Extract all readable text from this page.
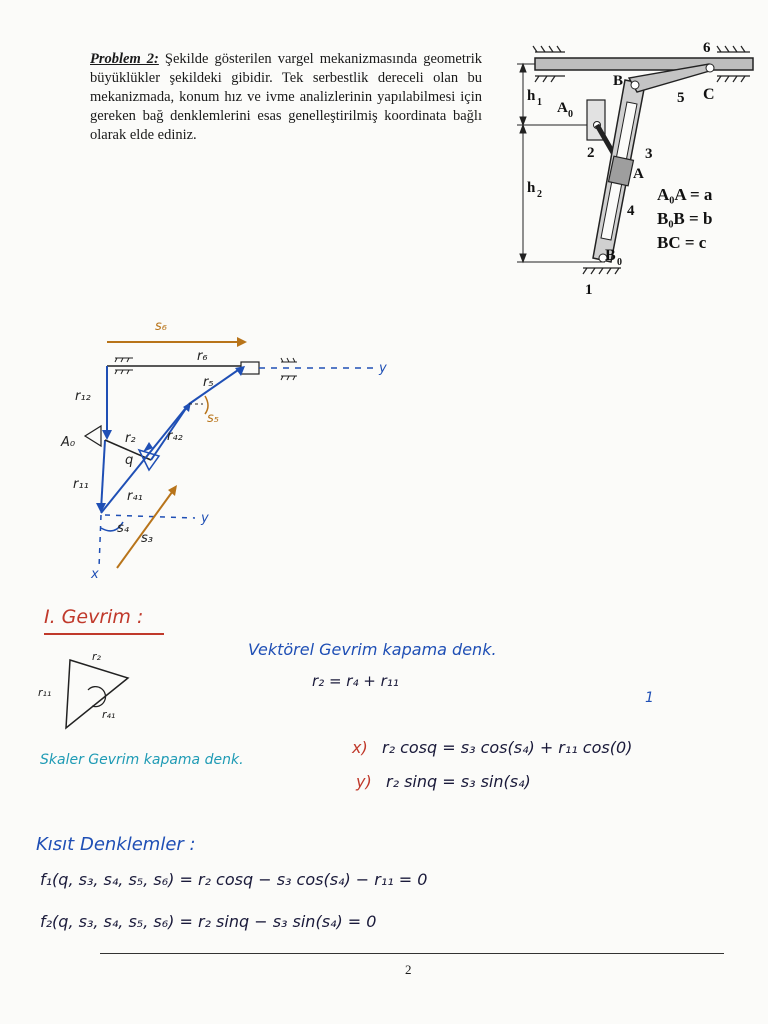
Problem 2: Şekilde gösterilen vargel mekanizmasında geometrik büyüklükler şekildeki gibidir. Tek serbestlik dereceli olan bu mekanizmada, konum hız ve ivme analizlerinin yapılabilmesi için gereken bağ denklemlerini esas genelleştirilmiş koordinata bağlı olarak elde ediniz.
6
B
5 C
h 1 A 0
2	3
A
h 2
4
B 0
1
A₀A = a
B₀B = b
BC = c
s₆
r₆
r₅
s₅
r₁₂
r₄₂
A₀	r₂
q
r₄₁
r₁₁
s₄
s₃
y
y
x
I. Gevrim :
r₂
r₁₁
r₄₁
Vektörel Gevrim kapama denk.
r₂ = r₄ + r₁₁
1
Skaler Gevrim kapama denk.
x) r₂ cosq = s₃ cos(s₄) + r₁₁ cos(0)
y) r₂ sinq = s₃ sin(s₄)
Kısıt Denklemler :
f₁(q, s₃, s₄, s₅, s₆) = r₂ cosq − s₃ cos(s₄) − r₁₁ = 0
f₂(q, s₃, s₄, s₅, s₆) = r₂ sinq − s₃ sin(s₄) = 0
2
